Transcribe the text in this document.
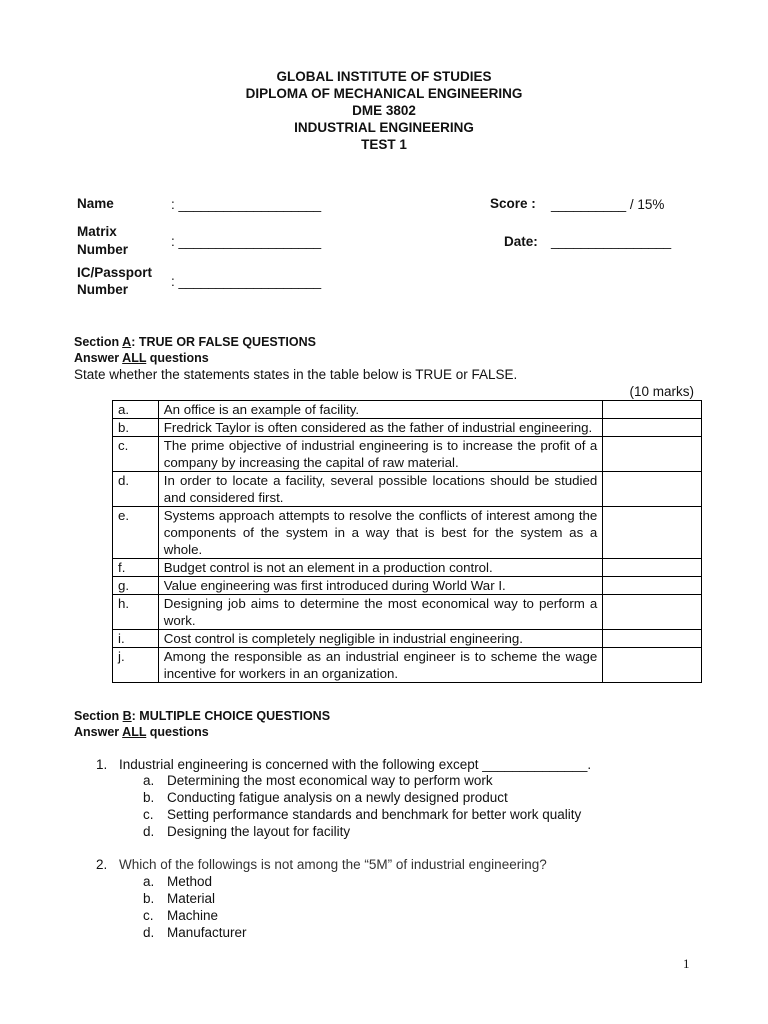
GLOBAL INSTITUTE OF STUDIES
DIPLOMA OF MECHANICAL ENGINEERING
DME 3802
INDUSTRIAL ENGINEERING
TEST 1
Name	: ___________________
Matrix
Number
: ___________________
IC/Passport
Number
: ___________________
Score : __________ / 15%
Date: ________________
Section A: TRUE OR FALSE QUESTIONS
Answer ALL questions
State whether the statements states in the table below is TRUE or FALSE.
(10 marks)
a.	An office is an example of facility.	
b.	Fredrick Taylor is often considered as the father of industrial engineering.	
c.	The prime objective of industrial engineering is to increase the profit of a company by increasing the capital of raw material.	
d.	In order to locate a facility, several possible locations should be studied and considered first.	
e.	Systems approach attempts to resolve the conflicts of interest among the components of the system in a way that is best for the system as a whole.	
f.	Budget control is not an element in a production control.	
g.	Value engineering was first introduced during World War I.	
h.	Designing job aims to determine the most economical way to perform a work.	
i.	Cost control is completely negligible in industrial engineering.	
j.	Among the responsible as an industrial engineer is to scheme the wage incentive for workers in an organization.	
Section B: MULTIPLE CHOICE QUESTIONS
Answer ALL questions
1. Industrial engineering is concerned with the following except ______________.
a. Determining the most economical way to perform work
b. Conducting fatigue analysis on a newly designed product
c. Setting performance standards and benchmark for better work quality
d. Designing the layout for facility
2. Which of the followings is not among the “5M” of industrial engineering?
a. Method
b. Material
c. Machine
d. Manufacturer
1
